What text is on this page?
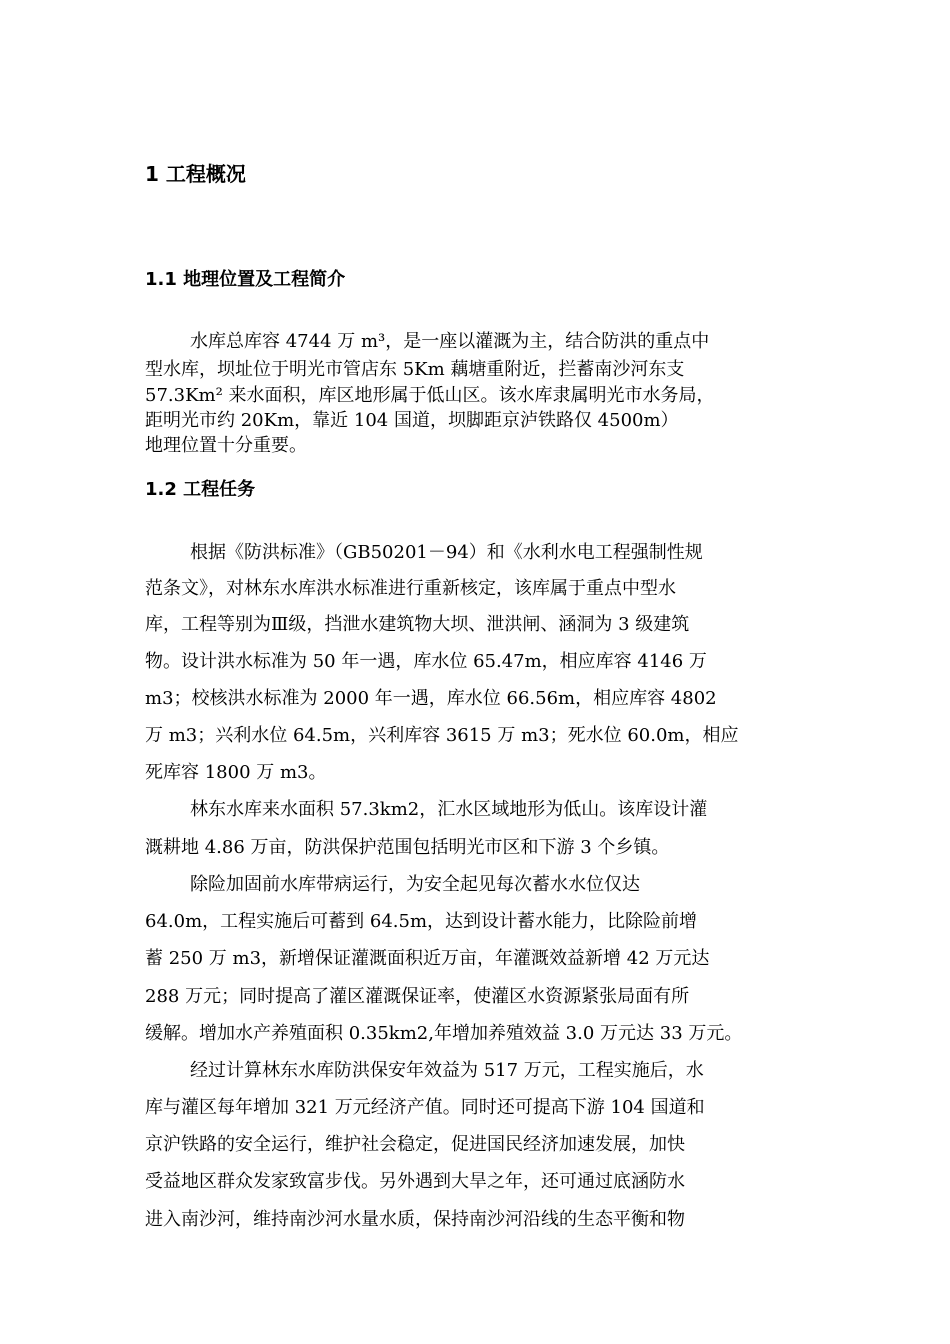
1 工程概况
1.1 地理位置及工程简介
水库总库容 4744 万 m³，是一座以灌溉为主，结合防洪的重点中
型水库，坝址位于明光市管店东 5Km 藕塘重附近，拦蓄南沙河东支
57.3Km² 来水面积，库区地形属于低山区。该水库隶属明光市水务局，
距明光市约 20Km，靠近 104 国道，坝脚距京泸铁路仅 4500m）
地理位置十分重要。
1.2 工程任务
根据《防洪标准》（GB50201－94）和《水利水电工程强制性规
范条文》，对林东水库洪水标准进行重新核定，该库属于重点中型水
库，工程等别为Ⅲ级，挡泄水建筑物大坝、泄洪闸、涵洞为 3 级建筑
物。设计洪水标准为 50 年一遇，库水位 65.47m，相应库容 4146 万
m3；校核洪水标准为 2000 年一遇，库水位 66.56m，相应库容 4802
万 m3；兴利水位 64.5m，兴利库容 3615 万 m3；死水位 60.0m，相应
死库容 1800 万 m3。
林东水库来水面积 57.3km2，汇水区域地形为低山。该库设计灌
溉耕地 4.86 万亩，防洪保护范围包括明光市区和下游 3 个乡镇。
除险加固前水库带病运行，为安全起见每次蓄水水位仅达
64.0m，工程实施后可蓄到 64.5m，达到设计蓄水能力，比除险前增
蓄 250 万 m3，新增保证灌溉面积近万亩，年灌溉效益新增 42 万元达
288 万元；同时提高了灌区灌溉保证率，使灌区水资源紧张局面有所
缓解。增加水产养殖面积 0.35km2,年增加养殖效益 3.0 万元达 33 万元。
经过计算林东水库防洪保安年效益为 517 万元，工程实施后，水
库与灌区每年增加 321 万元经济产值。同时还可提高下游 104 国道和
京沪铁路的安全运行，维护社会稳定，促进国民经济加速发展，加快
受益地区群众发家致富步伐。另外遇到大旱之年，还可通过底涵防水
进入南沙河，维持南沙河水量水质，保持南沙河沿线的生态平衡和物
